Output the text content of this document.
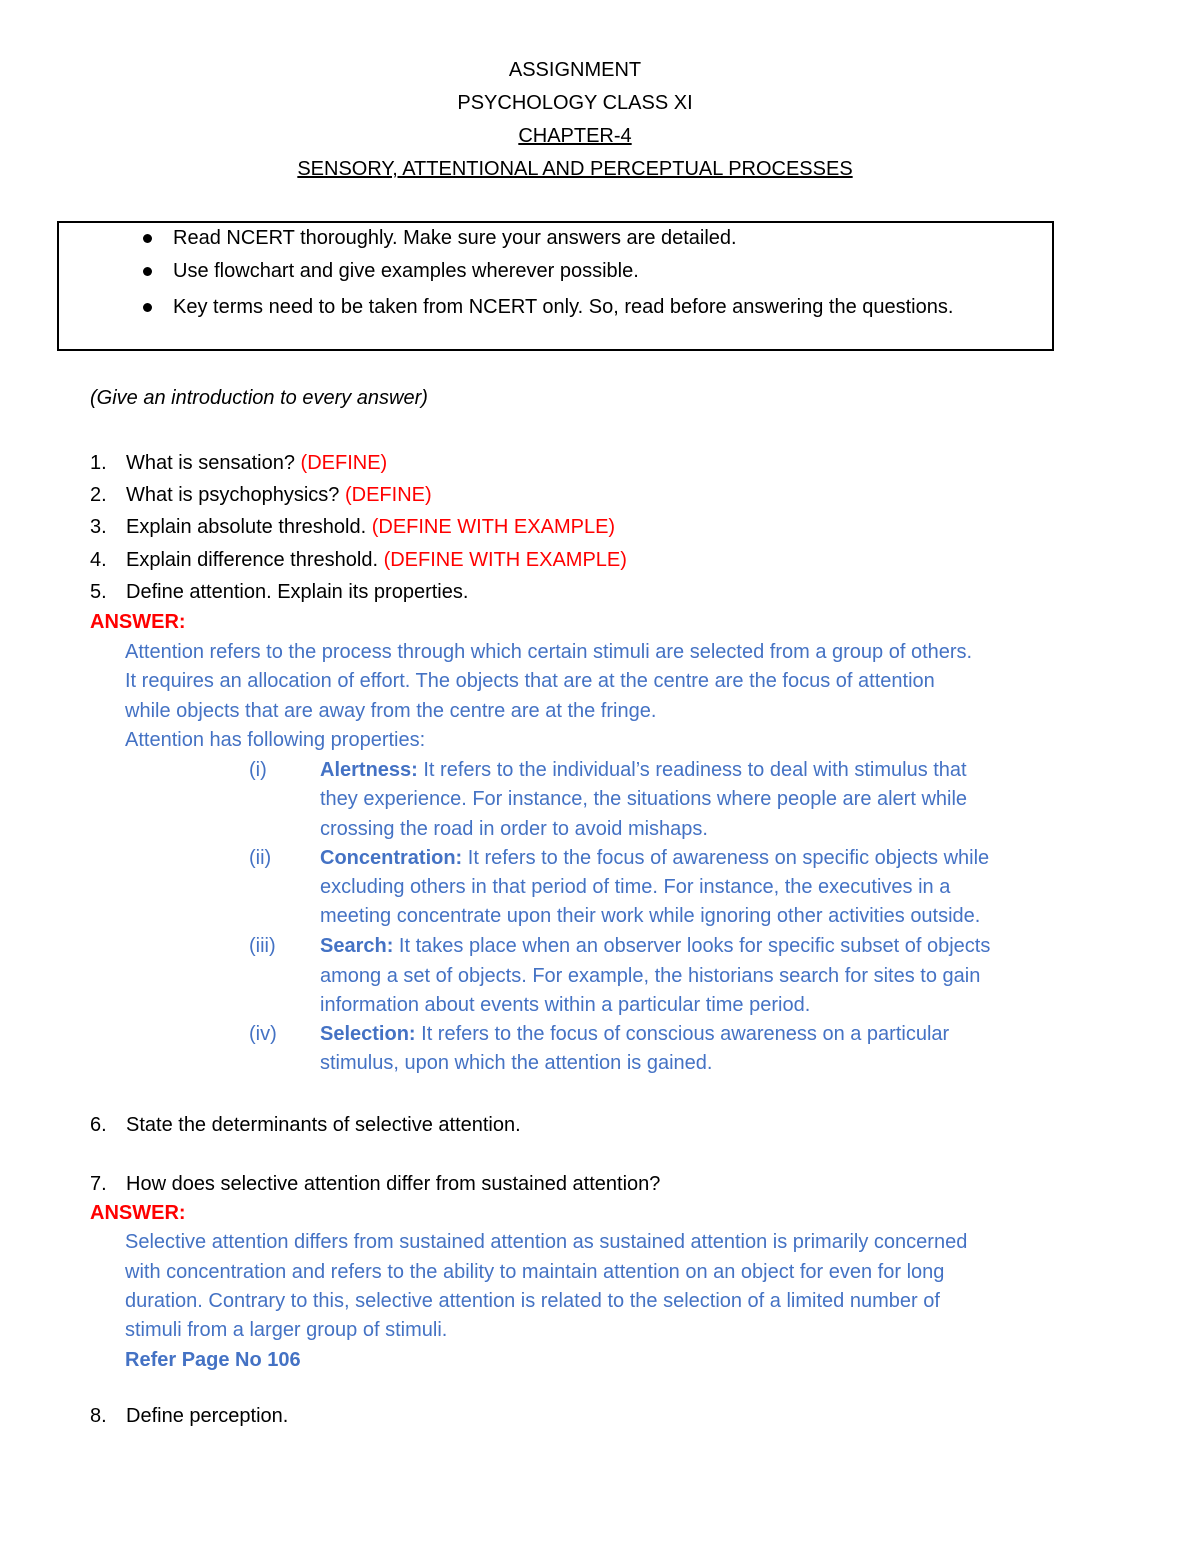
ASSIGNMENT

PSYCHOLOGY CLASS XI

CHAPTER-4

SENSORY, ATTENTIONAL AND PERCEPTUAL PROCESSES

Read NCERT thoroughly. Make sure your answers are detailed.

Use flowchart and give examples wherever possible.

Key terms need to be taken from NCERT only. So, read before answering the questions.

(Give an introduction to every answer)

1. What is sensation? (DEFINE)

2. What is psychophysics? (DEFINE)

3. Explain absolute threshold. (DEFINE WITH EXAMPLE)

4. Explain difference threshold. (DEFINE WITH EXAMPLE)

5. Define attention. Explain its properties.

ANSWER:

Attention refers to the process through which certain stimuli are selected from a group of others.

It requires an allocation of effort. The objects that are at the centre are the focus of attention

while objects that are away from the centre are at the fringe.

Attention has following properties:

(i)	Alertness: It refers to the individual’s readiness to deal with stimulus that

they experience. For instance, the situations where people are alert while

crossing the road in order to avoid mishaps.

(ii) Concentration: It refers to the focus of awareness on specific objects while

excluding others in that period of time. For instance, the executives in a

meeting concentrate upon their work while ignoring other activities outside.

(iii) Search: It takes place when an observer looks for specific subset of objects

among a set of objects. For example, the historians search for sites to gain

information about events within a particular time period.

(iv) Selection: It refers to the focus of conscious awareness on a particular

stimulus, upon which the attention is gained.

6. State the determinants of selective attention.

7. How does selective attention differ from sustained attention?

ANSWER:

Selective attention differs from sustained attention as sustained attention is primarily concerned

with concentration and refers to the ability to maintain attention on an object for even for long

duration. Contrary to this, selective attention is related to the selection of a limited number of

stimuli from a larger group of stimuli.

Refer Page No 106

8. Define perception.
